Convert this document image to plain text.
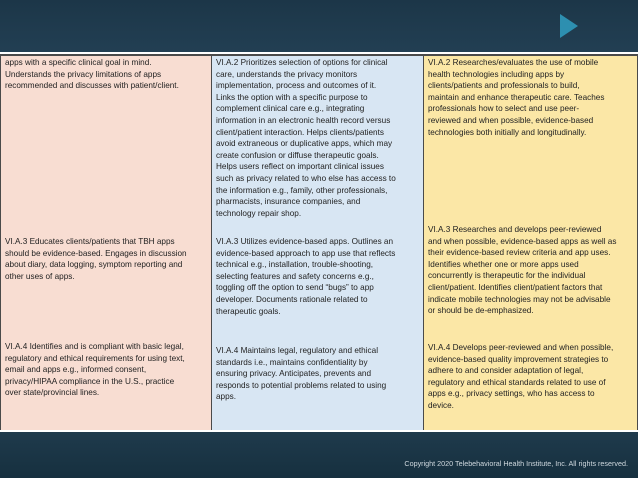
apps with a specific clinical goal in mind.
Understands the privacy limitations of apps
recommended and discusses with patient/client.
VI.A.3 Educates clients/patients that TBH apps
should be evidence-based. Engages in discussion
about diary, data logging, symptom reporting and
other uses of apps.
VI.A.4 Identifies and is compliant with basic legal,
regulatory and ethical requirements for using text,
email and apps e.g., informed consent,
privacy/HIPAA compliance in the U.S., practice
over state/provincial lines.
VI.A.2 Prioritizes selection of options for clinical
care, understands the privacy monitors
implementation, process and outcomes of it.
Links the option with a specific purpose to
complement clinical care e.g., integrating
information in an electronic health record versus
client/patient interaction. Helps clients/patients
avoid extraneous or duplicative apps, which may
create confusion or diffuse therapeutic goals.
Helps users reflect on important clinical issues
such as privacy related to who else has access to
the information e.g., family, other professionals,
pharmacists, insurance companies, and
technology repair shop.
VI.A.3 Utilizes evidence-based apps. Outlines an
evidence-based approach to app use that reflects
technical e.g., installation, trouble-shooting,
selecting features and safety concerns e.g.,
toggling off the option to send “bugs” to app
developer. Documents rationale related to
therapeutic goals.
VI.A.4 Maintains legal, regulatory and ethical
standards i.e., maintains confidentiality by
ensuring privacy. Anticipates, prevents and
responds to potential problems related to using
apps.
VI.A.2 Researches/evaluates the use of mobile
health technologies including apps by
clients/patients and professionals to build,
maintain and enhance therapeutic care. Teaches
professionals how to select and use peer-
reviewed and when possible, evidence-based
technologies both initially and longitudinally.
VI.A.3 Researches and develops peer-reviewed
and when possible, evidence-based apps as well as
their evidence-based review criteria and app uses.
Identifies whether one or more apps used
concurrently is therapeutic for the individual
client/patient. Identifies client/patient factors that
indicate mobile technologies may not be advisable
or should be de-emphasized.
VI.A.4 Develops peer-reviewed and when possible,
evidence-based quality improvement strategies to
adhere to and consider adaptation of legal,
regulatory and ethical standards related to use of
apps e.g., privacy settings, who has access to
device.
Copyright 2020 Telebehavioral Health Institute, Inc. All rights reserved.
